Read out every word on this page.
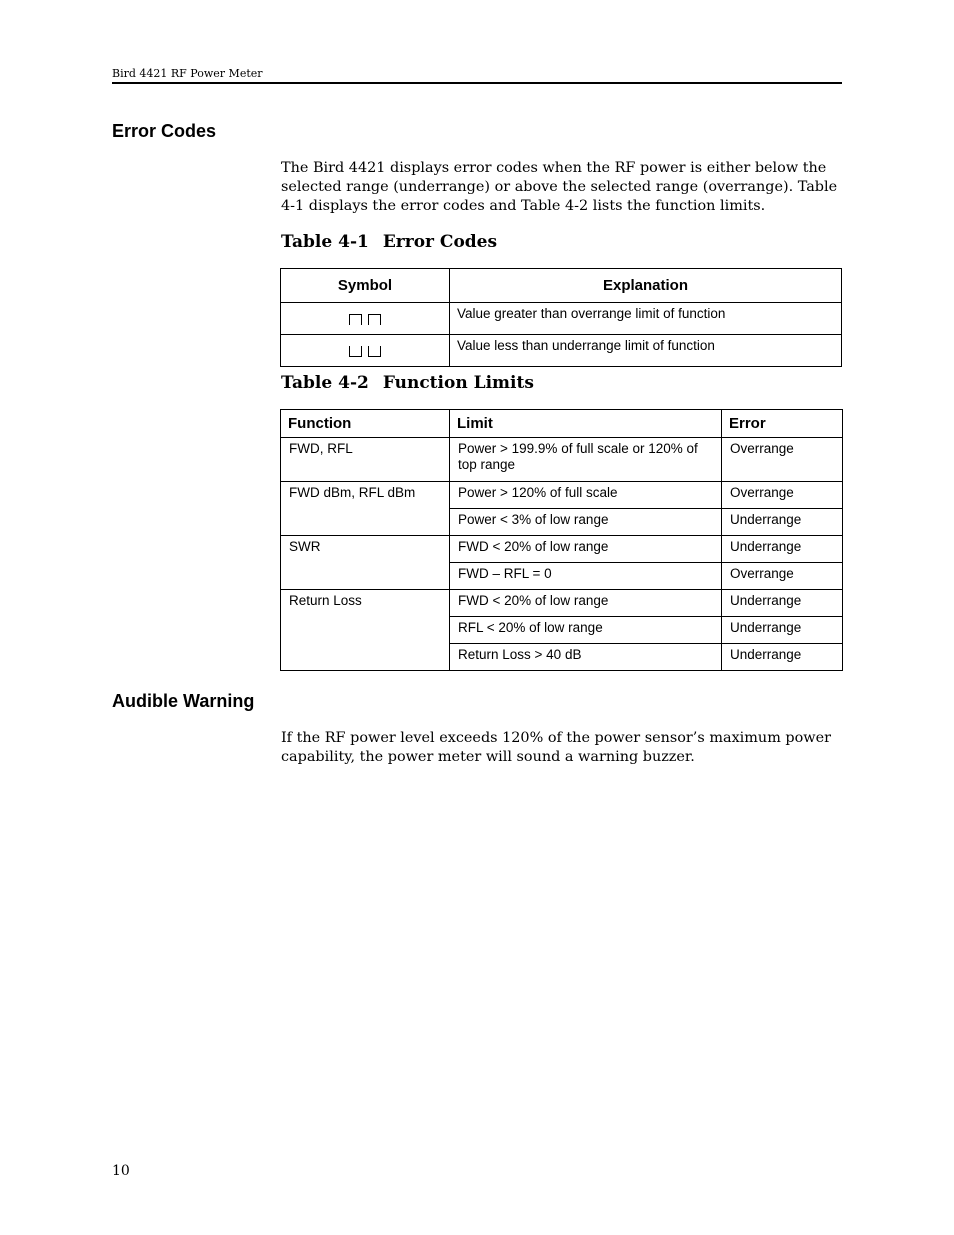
Bird 4421 RF Power Meter
Error Codes
The Bird 4421 displays error codes when the RF power is either below the selected range (underrange) or above the selected range (overrange). Table 4-1 displays the error codes and Table 4-2 lists the function limits.
Table 4-1 Error Codes
Symbol	Explanation
	Value greater than overrange limit of function
	Value less than underrange limit of function
Table 4-2 Function Limits
Function	Limit	Error
FWD, RFL	Power > 199.9% of full scale or 120% of top range	Overrange
FWD dBm, RFL dBm	Power > 120% of full scale	Overrange
	Power < 3% of low range	Underrange
SWR	FWD < 20% of low range	Underrange
	FWD – RFL = 0	Overrange
Return Loss	FWD < 20% of low range	Underrange
	RFL < 20% of low range	Underrange
	Return Loss > 40 dB	Underrange
Audible Warning
If the RF power level exceeds 120% of the power sensor’s maximum power capability, the power meter will sound a warning buzzer.
10
